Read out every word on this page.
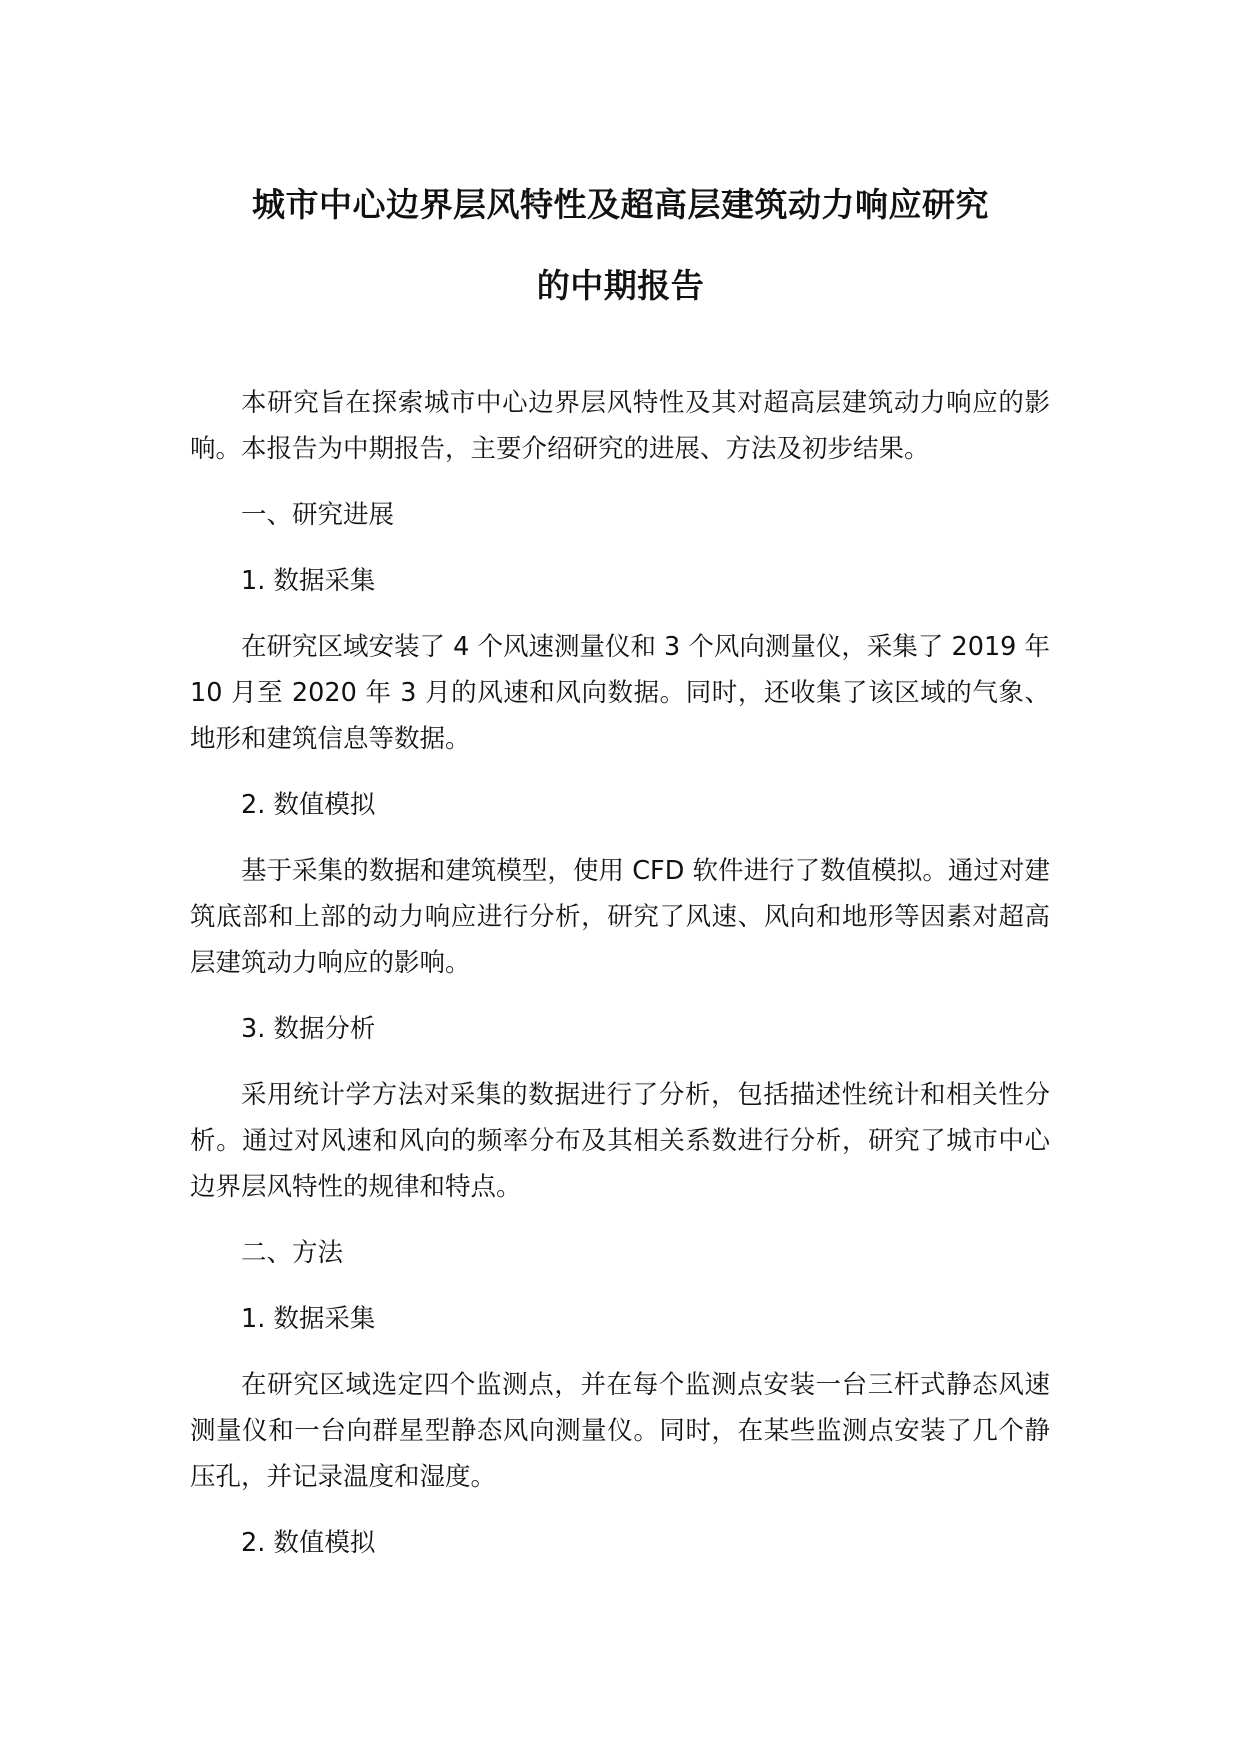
城市中心边界层风特性及超高层建筑动力响应研究
的中期报告

本研究旨在探索城市中心边界层风特性及其对超高层建筑动力响应的影响。本报告为中期报告，主要介绍研究的进展、方法及初步结果。

一、研究进展

1. 数据采集

在研究区域安装了 4 个风速测量仪和 3 个风向测量仪，采集了 2019 年 10 月至 2020 年 3 月的风速和风向数据。同时，还收集了该区域的气象、地形和建筑信息等数据。

2. 数值模拟

基于采集的数据和建筑模型，使用 CFD 软件进行了数值模拟。通过对建筑底部和上部的动力响应进行分析，研究了风速、风向和地形等因素对超高层建筑动力响应的影响。

3. 数据分析

采用统计学方法对采集的数据进行了分析，包括描述性统计和相关性分析。通过对风速和风向的频率分布及其相关系数进行分析，研究了城市中心边界层风特性的规律和特点。

二、方法

1. 数据采集

在研究区域选定四个监测点，并在每个监测点安装一台三杆式静态风速测量仪和一台向群星型静态风向测量仪。同时，在某些监测点安装了几个静压孔，并记录温度和湿度。

2. 数值模拟
